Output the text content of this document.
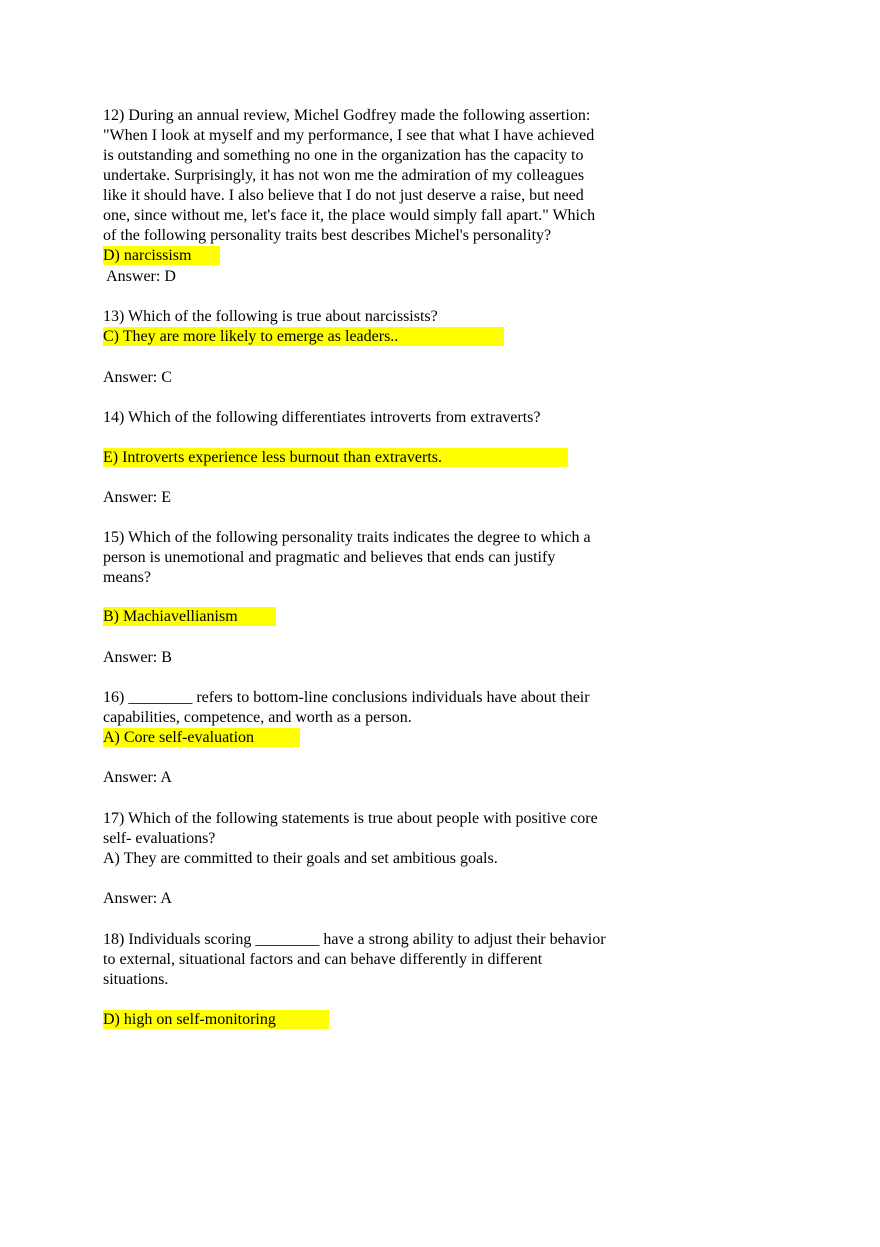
12) During an annual review, Michel Godfrey made the following assertion:
"When I look at myself and my performance, I see that what I have achieved
is outstanding and something no one in the organization has the capacity to
undertake. Surprisingly, it has not won me the admiration of my colleagues
like it should have. I also believe that I do not just deserve a raise, but need
one, since without me, let's face it, the place would simply fall apart." Which
of the following personality traits best describes Michel's personality?
D) narcissism
Answer: D
13) Which of the following is true about narcissists?
C) They are more likely to emerge as leaders..
Answer: C
14) Which of the following differentiates introverts from extraverts?
E) Introverts experience less burnout than extraverts.
Answer: E
15) Which of the following personality traits indicates the degree to which a
person is unemotional and pragmatic and believes that ends can justify
means?
B) Machiavellianism
Answer: B
16) ________ refers to bottom-line conclusions individuals have about their
capabilities, competence, and worth as a person.
A) Core self-evaluation
Answer: A
17) Which of the following statements is true about people with positive core
self- evaluations?
A) They are committed to their goals and set ambitious goals.
Answer: A
18) Individuals scoring ________ have a strong ability to adjust their behavior
to external, situational factors and can behave differently in different
situations.
D) high on self-monitoring
